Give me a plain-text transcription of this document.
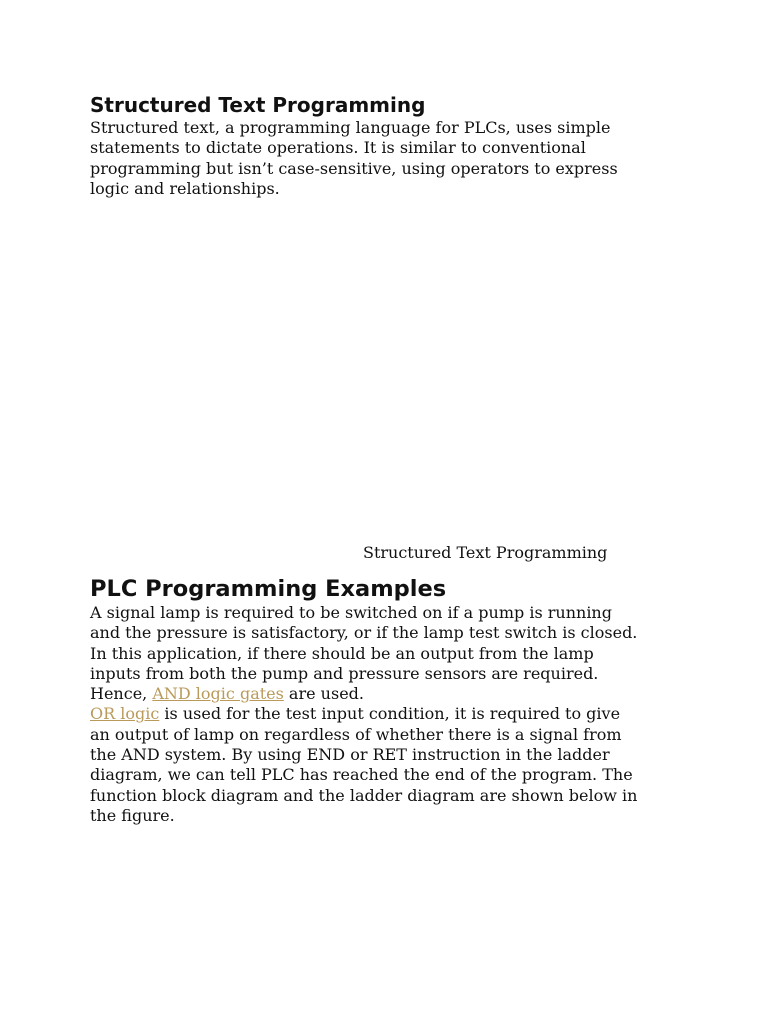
Structured Text Programming

Structured text, a programming language for PLCs, uses simple
statements to dictate operations. It is similar to conventional
programming but isn’t case-sensitive, using operators to express
logic and relationships.

Structured Text Programming
PLC Programming Examples

A signal lamp is required to be switched on if a pump is running
and the pressure is satisfactory, or if the lamp test switch is closed.
In this application, if there should be an output from the lamp
inputs from both the pump and pressure sensors are required.
Hence, AND logic gates are used.
OR logic is used for the test input condition, it is required to give
an output of lamp on regardless of whether there is a signal from
the AND system. By using END or RET instruction in the ladder
diagram, we can tell PLC has reached the end of the program. The
function block diagram and the ladder diagram are shown below in
the figure.
